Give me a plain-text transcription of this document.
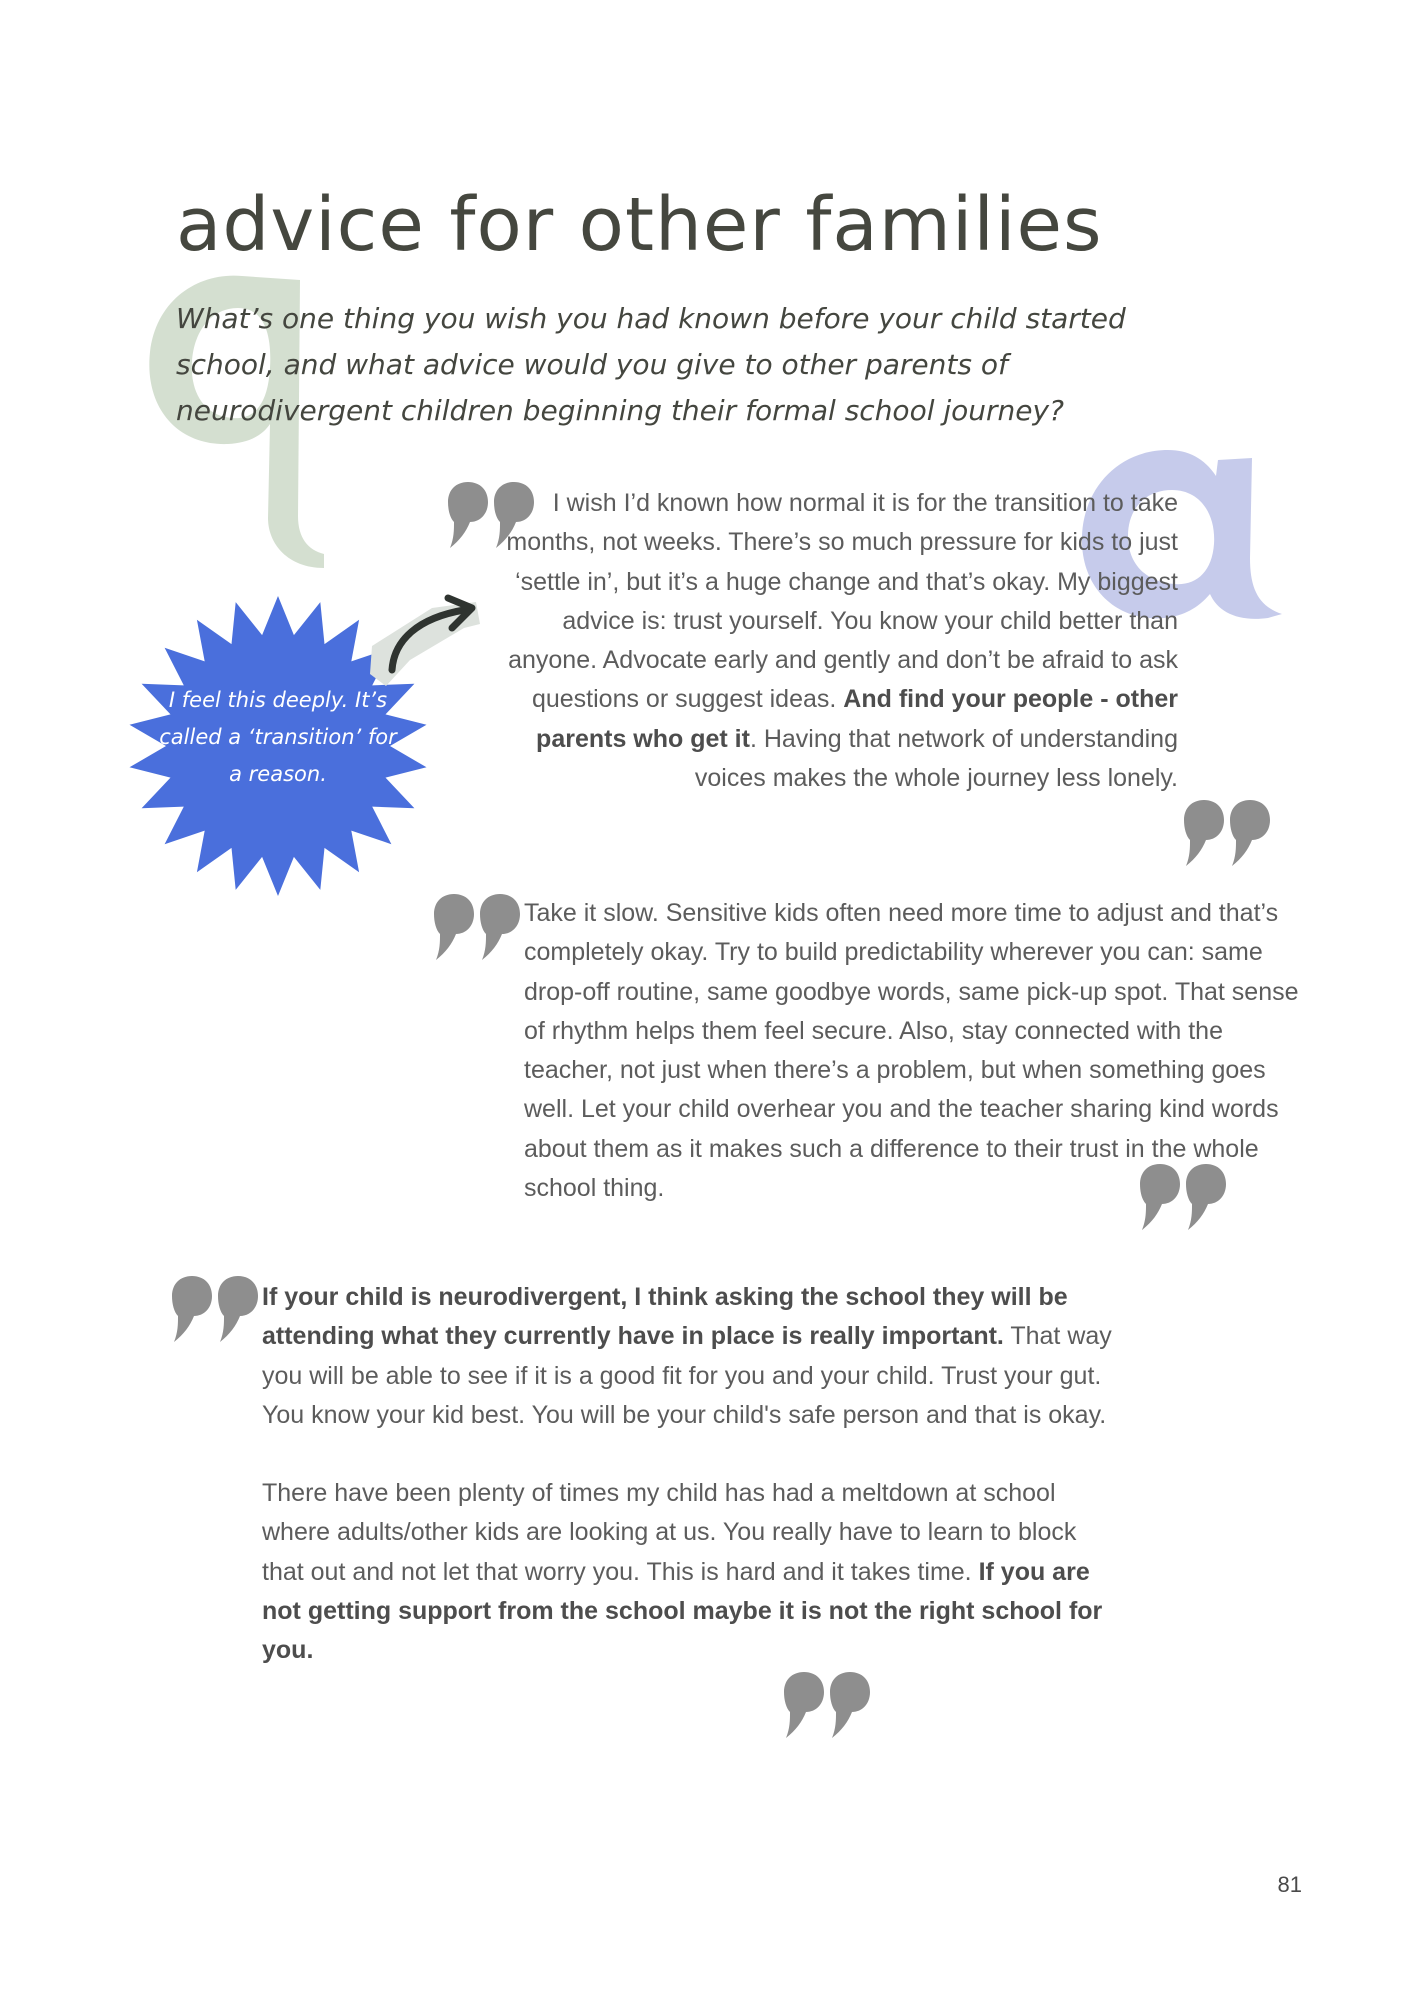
advice for other families

What’s one thing you wish you had known before your child started school, and what advice would you give to other parents of neurodivergent children beginning their formal school journey?

I feel this deeply. It’s called a ‘transition’ for a reason.

I wish I’d known how normal it is for the transition to take months, not weeks. There’s so much pressure for kids to just ‘settle in’, but it’s a huge change and that’s okay. My biggest advice is: trust yourself. You know your child better than anyone. Advocate early and gently and don’t be afraid to ask questions or suggest ideas. And find your people - other parents who get it. Having that network of understanding voices makes the whole journey less lonely.

Take it slow. Sensitive kids often need more time to adjust and that’s completely okay. Try to build predictability wherever you can: same drop-off routine, same goodbye words, same pick-up spot. That sense of rhythm helps them feel secure. Also, stay connected with the teacher, not just when there’s a problem, but when something goes well. Let your child overhear you and the teacher sharing kind words about them as it makes such a difference to their trust in the whole school thing.

If your child is neurodivergent, I think asking the school they will be attending what they currently have in place is really important. That way you will be able to see if it is a good fit for you and your child. Trust your gut. You know your kid best. You will be your child's safe person and that is okay.

There have been plenty of times my child has had a meltdown at school where adults/other kids are looking at us. You really have to learn to block that out and not let that worry you. This is hard and it takes time. If you are not getting support from the school maybe it is not the right school for you.

81
